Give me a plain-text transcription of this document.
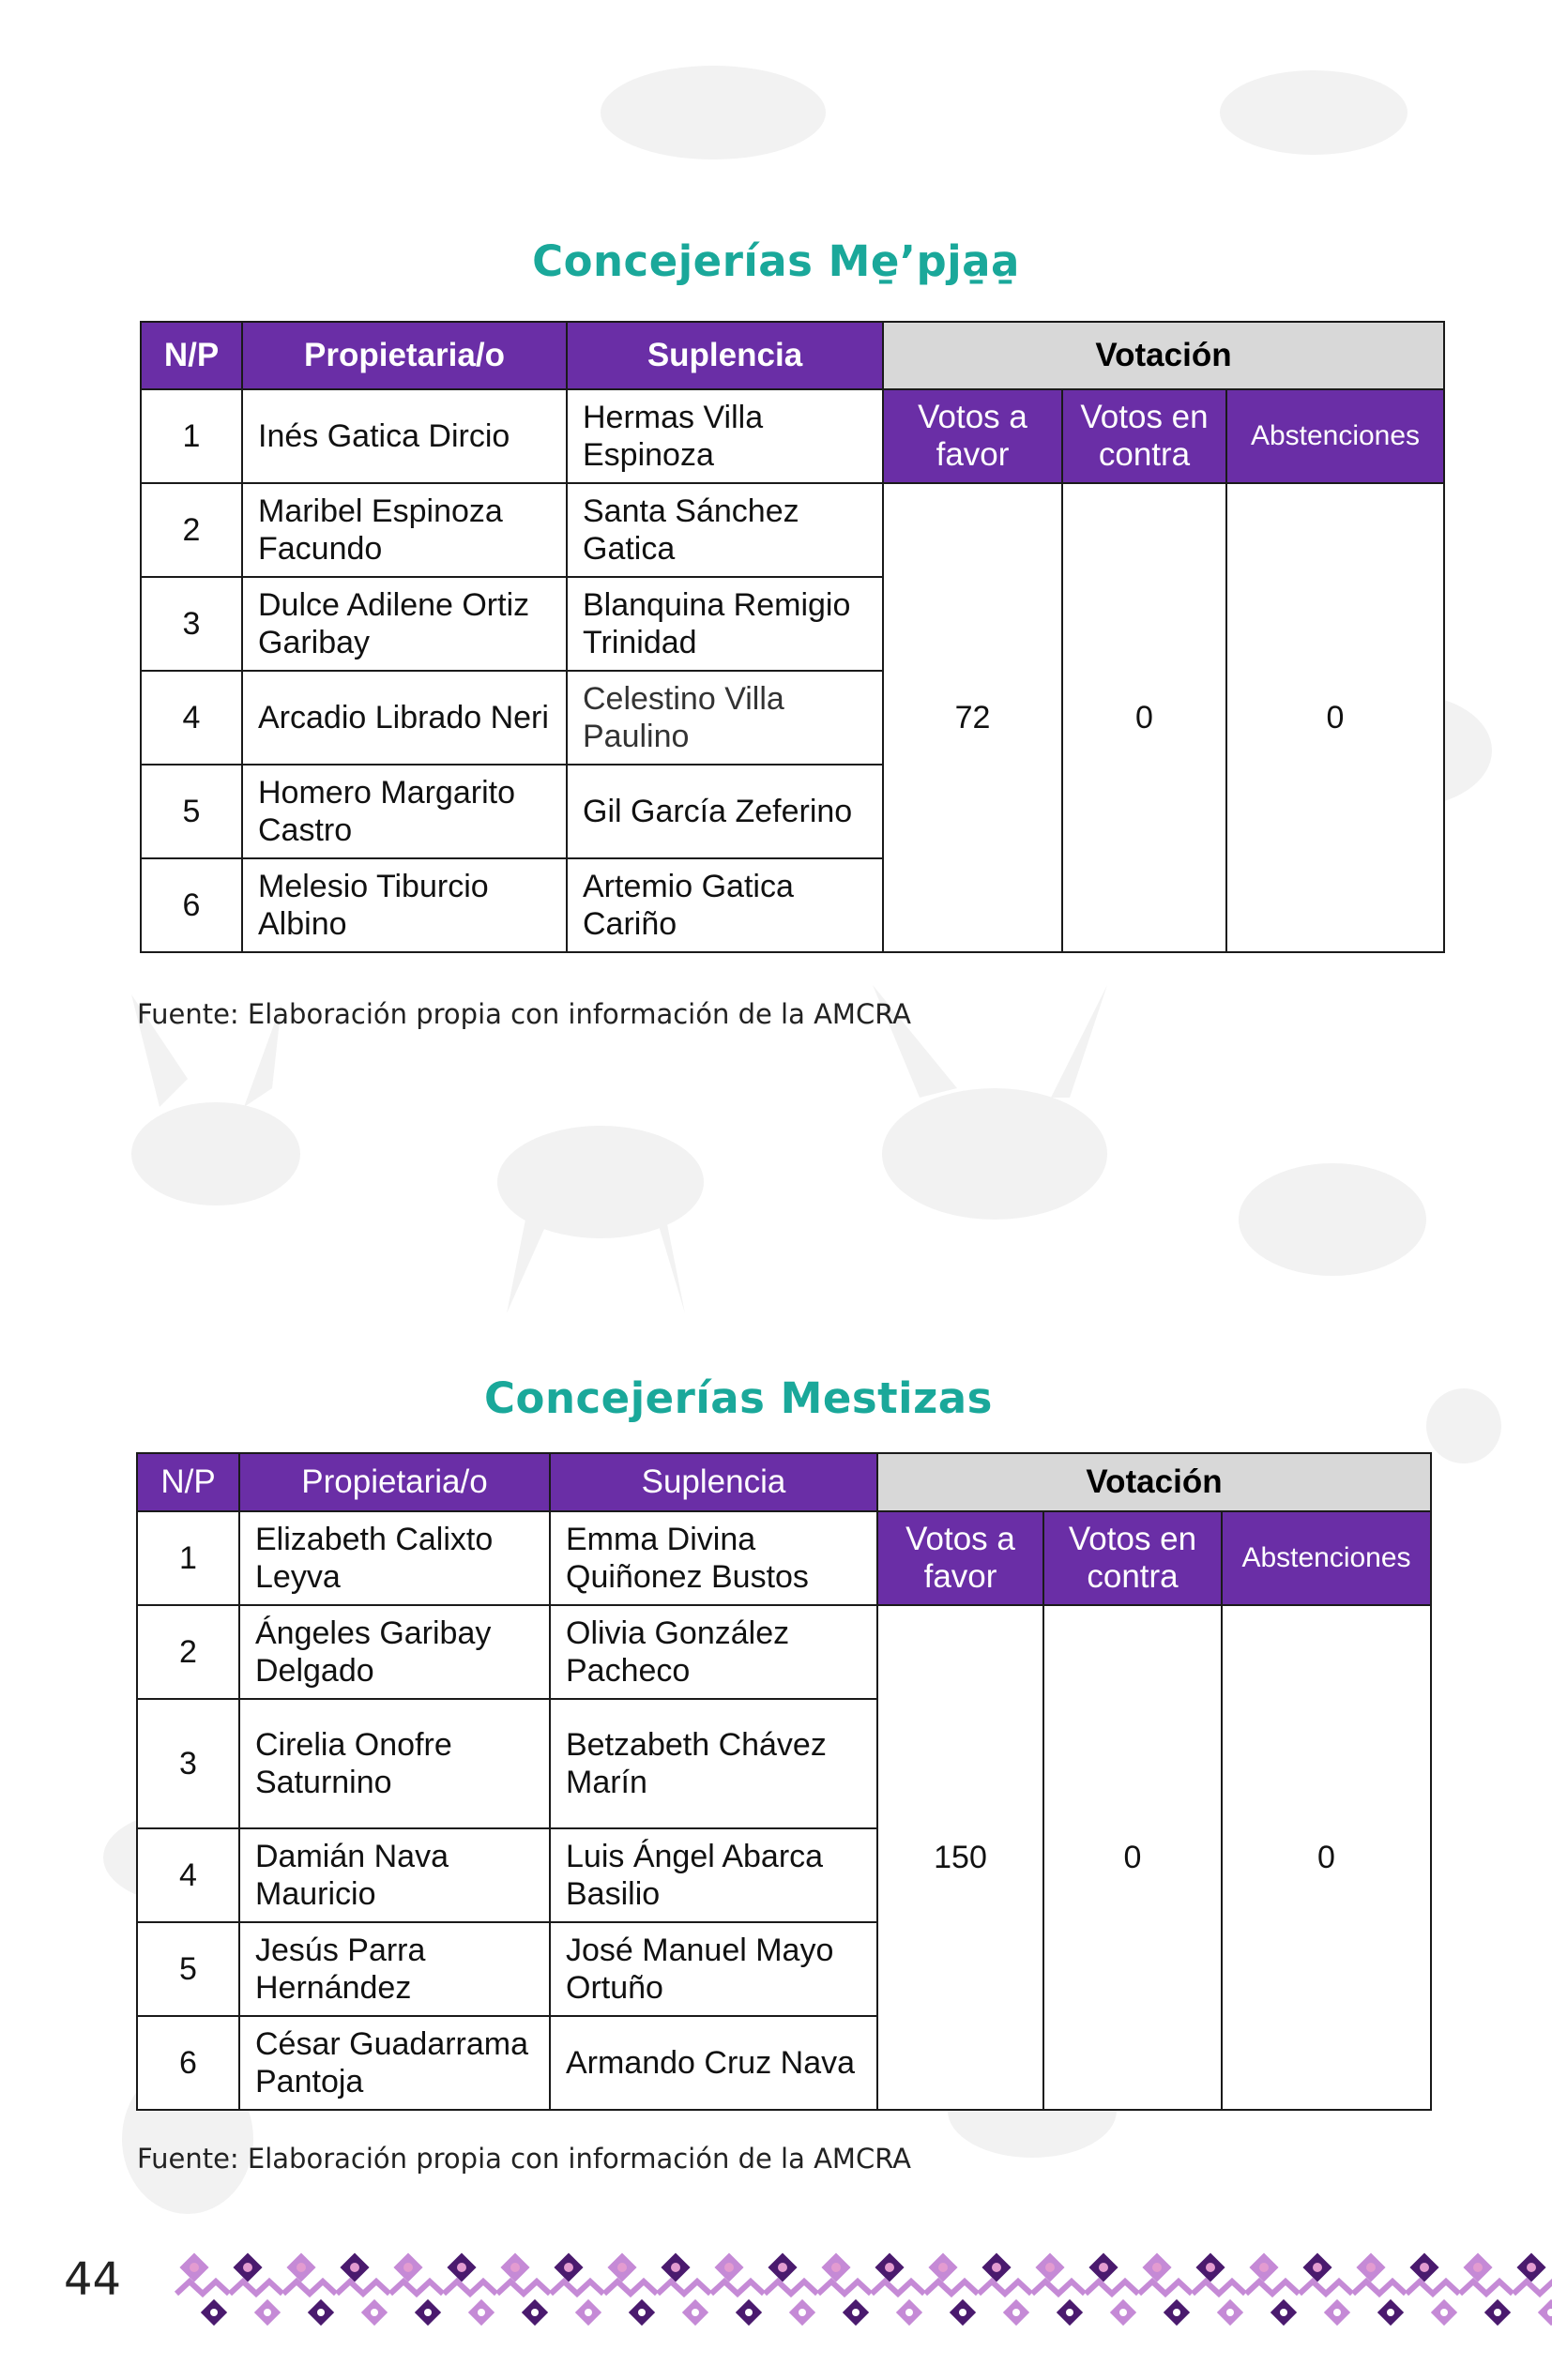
Concejerías Me̱’pja̱a̱
N/P	Propietaria/o	Suplencia	Votación		
1	Inés Gatica Dircio	Hermas Villa Espinoza	Votos a favor	Votos en contra	Abstenciones
2	Maribel Espinoza Facundo	Santa Sánchez Gatica	72	0	0
3	Dulce Adilene Ortiz Garibay	Blanquina Remigio Trinidad			
4	Arcadio Librado Neri	Celestino Villa Paulino			
5	Homero Margarito Castro	Gil García Zeferino			
6	Melesio Tiburcio Albino	Artemio Gatica Cariño			
Fuente: Elaboración propia con información de la AMCRA
Concejerías Mestizas
N/P	Propietaria/o	Suplencia	Votación		
1	Elizabeth Calixto Leyva	Emma Divina Quiñonez Bustos	Votos a favor	Votos en contra	Abstenciones
2	Ángeles Garibay Delgado	Olivia González Pacheco	150	0	0
3	Cirelia Onofre Saturnino	Betzabeth Chávez Marín			
4	Damián Nava Mauricio	Luis Ángel Abarca Basilio			
5	Jesús Parra Hernández	José Manuel Mayo Ortuño			
6	César Guadarrama Pantoja	Armando Cruz Nava			
Fuente: Elaboración propia con información de la AMCRA
44
